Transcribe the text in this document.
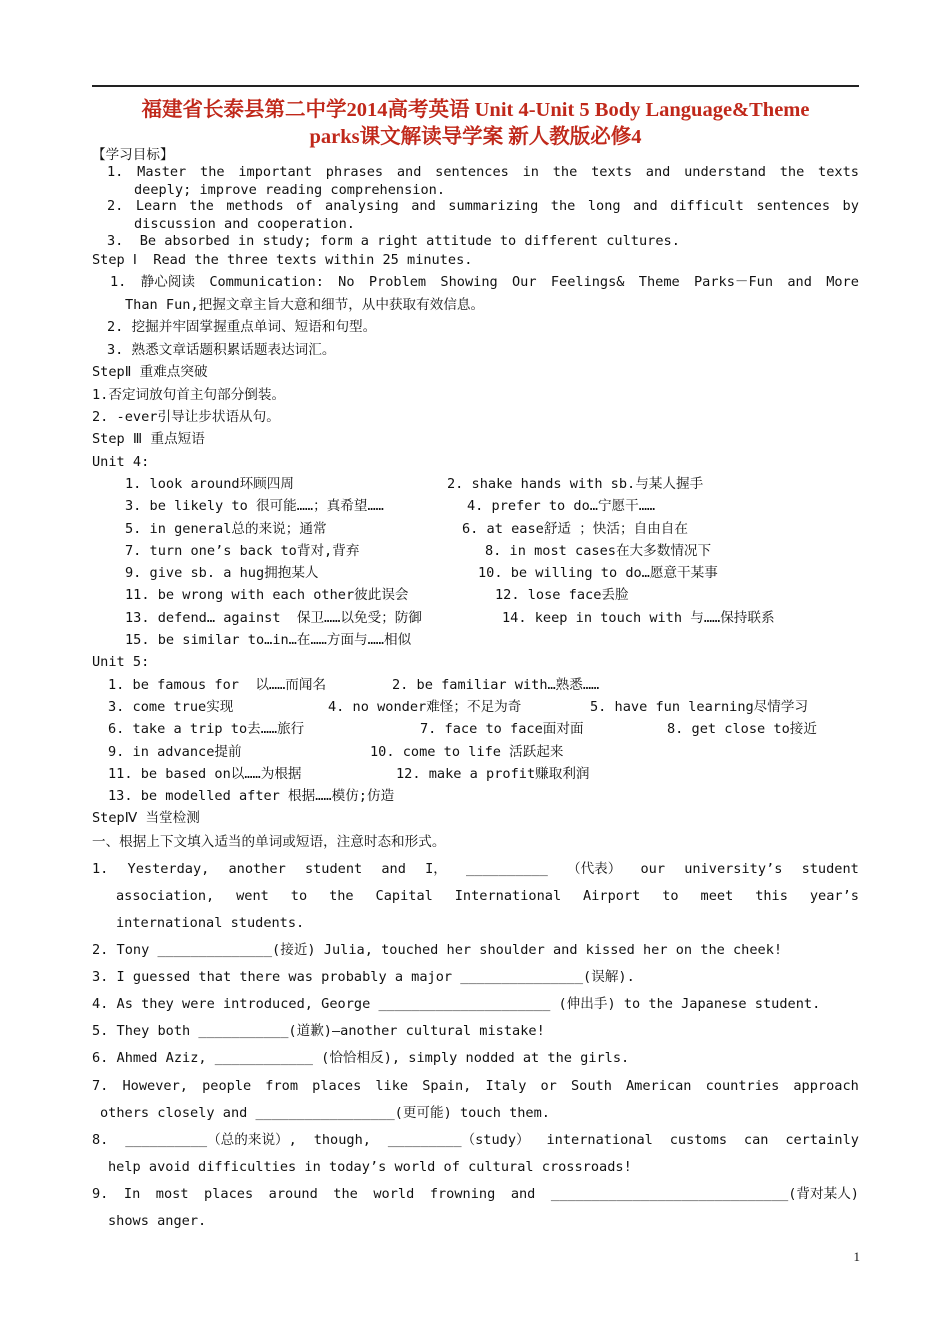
福建省长泰县第二中学2014高考英语 Unit 4-Unit 5 Body Language&Theme
parks课文解读导学案 新人教版必修4
【学习目标】
1. Master the important phrases and sentences in the texts and understand the texts
deeply; improve reading comprehension.
2. Learn the methods of analysing and summarizing the long and difficult sentences by
discussion and cooperation.
3.  Be absorbed in study; form a right attitude to different cultures.
Step Ⅰ  Read the three texts within 25 minutes.
1. 静心阅读 Communication: No Problem Showing Our Feelings& Theme Parks－Fun and More
Than Fun,把握文章主旨大意和细节，从中获取有效信息。
2. 挖掘并牢固掌握重点单词、短语和句型。
3. 熟悉文章话题积累话题表达词汇。
StepⅡ 重难点突破
1.否定词放句首主句部分倒装。
2. -ever引导让步状语从句。
Step Ⅲ 重点短语
Unit 4:
1. look around环顾四周	2. shake hands with sb.与某人握手
3. be likely to 很可能……；真希望……	4. prefer to do…宁愿干……
5. in general总的来说；通常	6. at ease舒适 ；快活；自由自在
7. turn one’s back to背对,背弃	8. in most cases在大多数情况下
9. give sb. a hug拥抱某人	10. be willing to do…愿意干某事
11. be wrong with each other彼此误会	12. lose face丢脸
13. defend… against  保卫……以免受；防御	14. keep in touch with 与……保持联系
15. be similar to…in…在……方面与……相似
Unit 5:
1. be famous for  以……而闻名	2. be familiar with…熟悉……
3. come true实现	4. no wonder难怪；不足为奇	5. have fun learning尽情学习
6. take a trip to去……旅行	7. face to face面对面	8. get close to接近
9. in advance提前	10. come to life 活跃起来
11. be based on以……为根据	12. make a profit赚取利润
13. be modelled after 根据……模仿;仿造
StepⅣ 当堂检测
一、根据上下文填入适当的单词或短语，注意时态和形式。
1. Yesterday, another student and I， __________ （代表） our university’s student
association, went to the Capital International Airport to meet this year’s
international students.
2. Tony ______________(接近) Julia, touched her shoulder and kissed her on the cheek!
3. I guessed that there was probably a major _______________(误解).
4. As they were introduced, George _____________________ (伸出手) to the Japanese student.
5. They both ___________(道歉)—another cultural mistake!
6. Ahmed Aziz, ____________ (恰恰相反), simply nodded at the girls.
7. However, people from places like Spain, Italy or South American countries approach
others closely and _________________(更可能) touch them.
8. __________（总的来说）, though, _________（study） international customs can certainly
help avoid difficulties in today’s world of cultural crossroads!
9. In most places around the world frowning and _____________________________(背对某人)
shows anger.
1
